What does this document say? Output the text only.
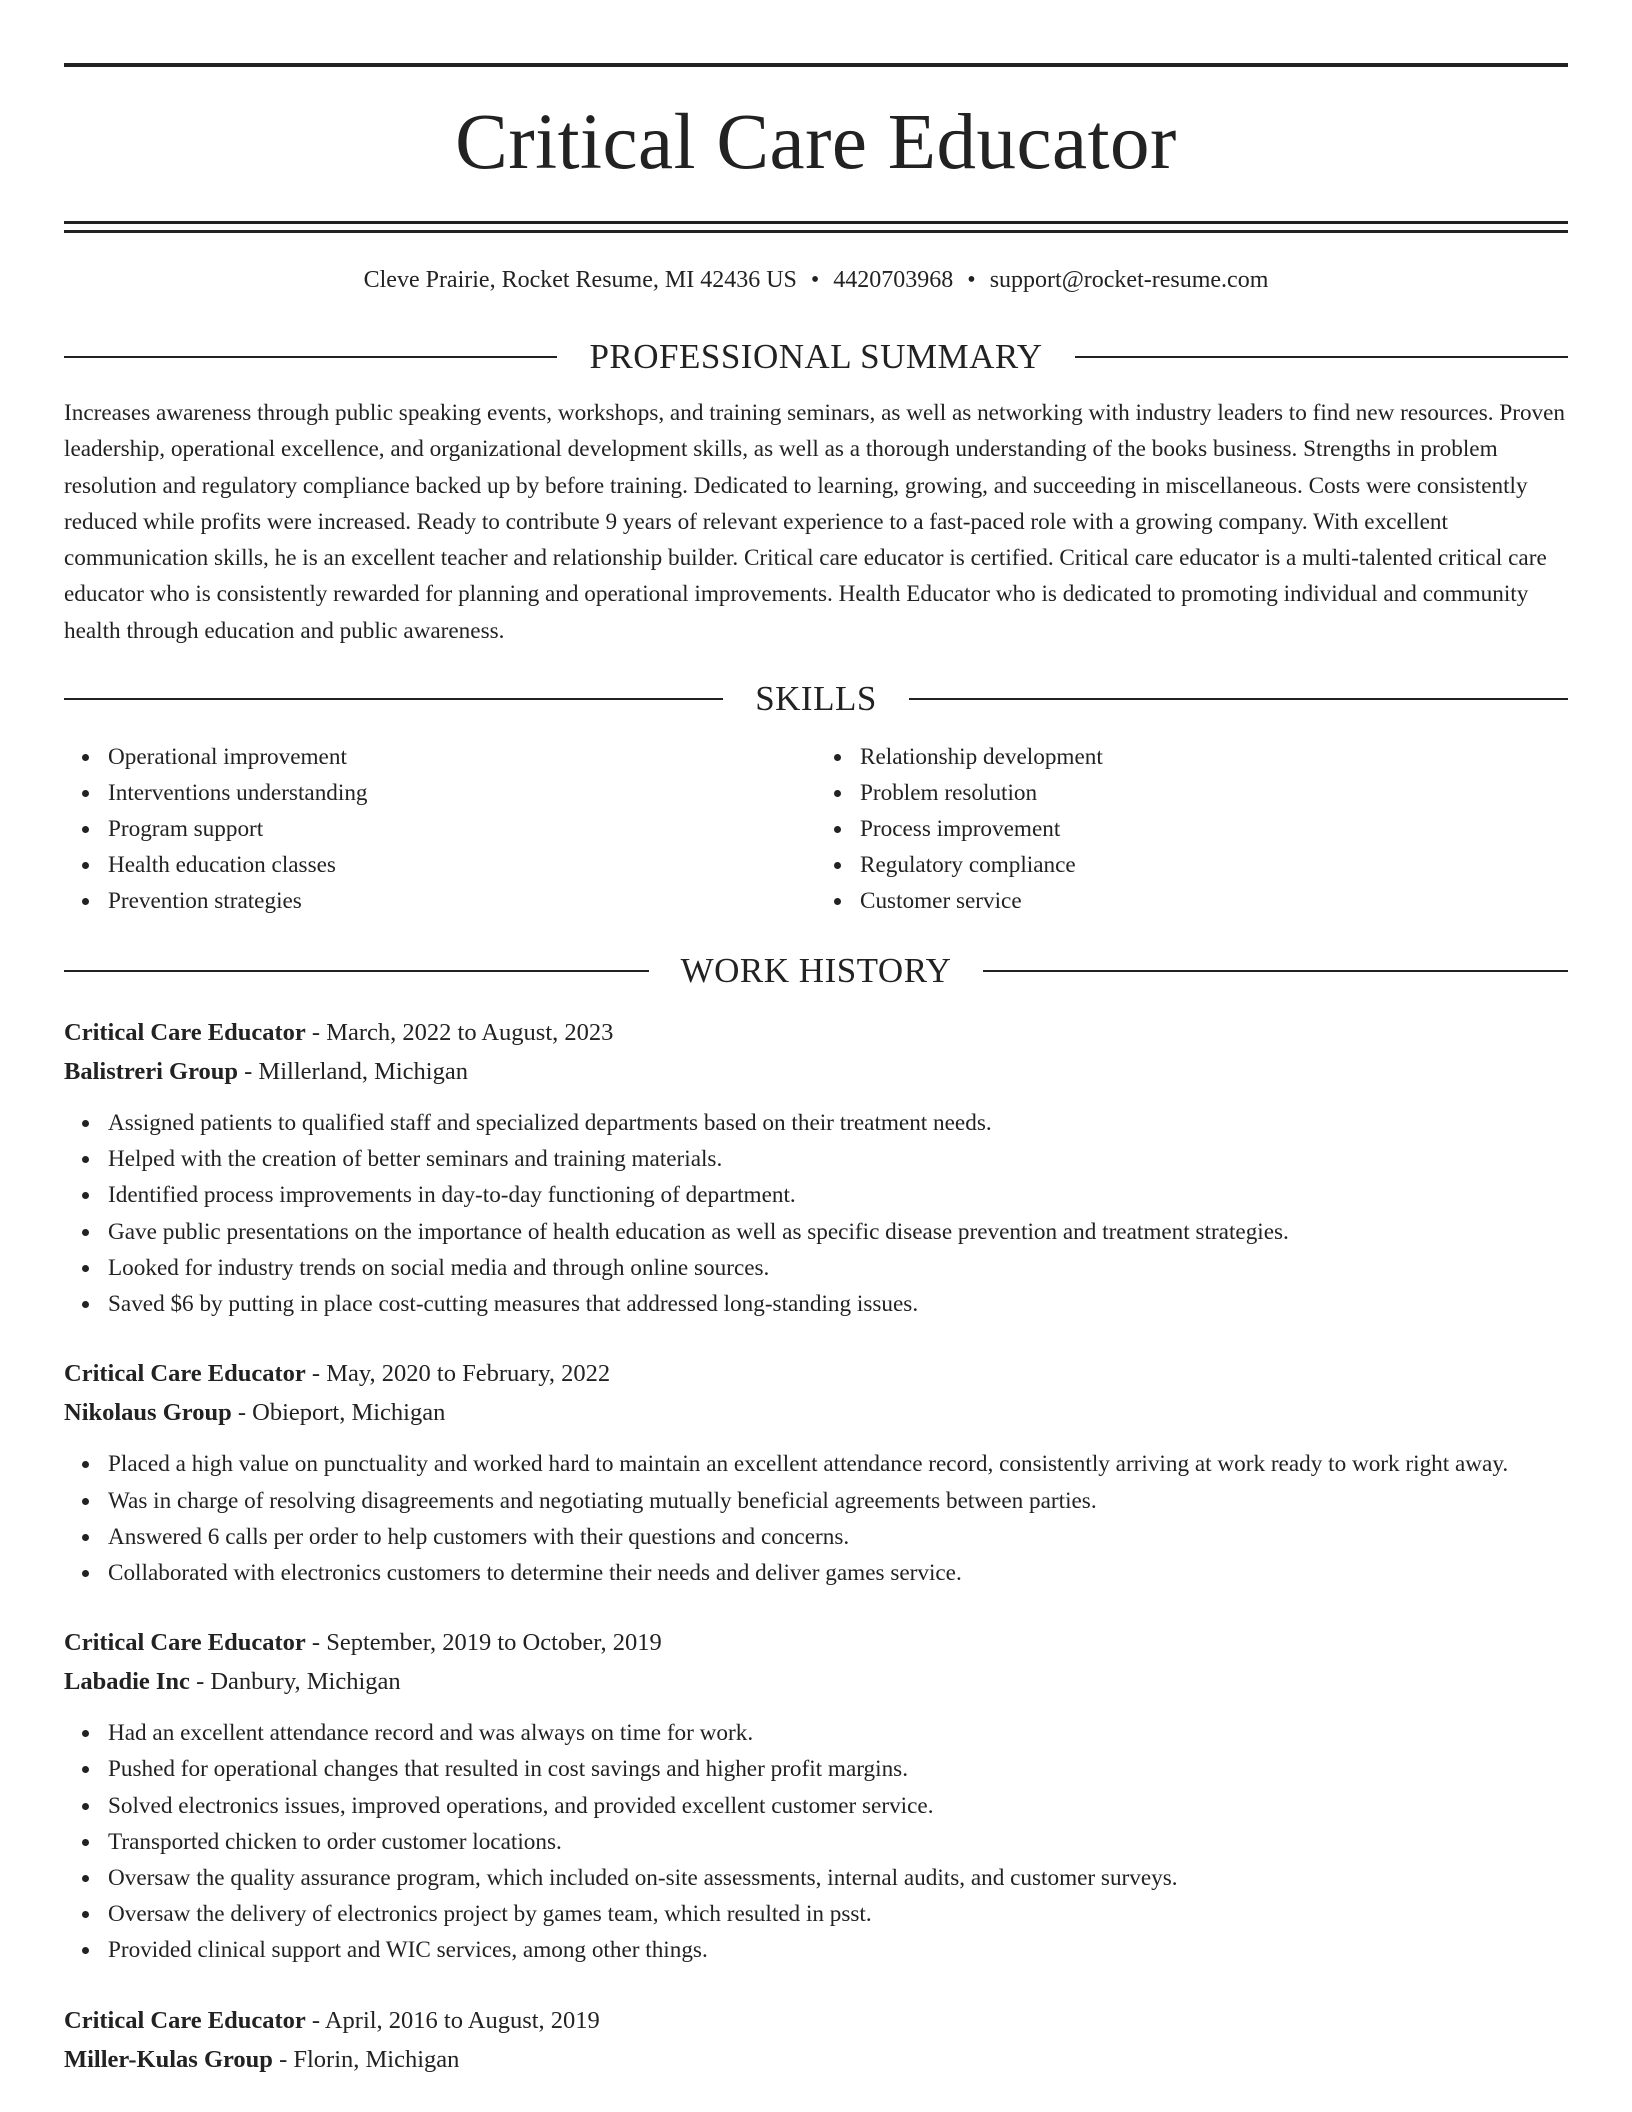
Critical Care Educator
Cleve Prairie, Rocket Resume, MI 42436 US • 4420703968 • support@rocket-resume.com
PROFESSIONAL SUMMARY
Increases awareness through public speaking events, workshops, and training seminars, as well as networking with industry leaders to find new resources. Proven leadership, operational excellence, and organizational development skills, as well as a thorough understanding of the books business. Strengths in problem resolution and regulatory compliance backed up by before training. Dedicated to learning, growing, and succeeding in miscellaneous. Costs were consistently reduced while profits were increased. Ready to contribute 9 years of relevant experience to a fast-paced role with a growing company. With excellent communication skills, he is an excellent teacher and relationship builder. Critical care educator is certified. Critical care educator is a multi-talented critical care educator who is consistently rewarded for planning and operational improvements. Health Educator who is dedicated to promoting individual and community health through education and public awareness.
SKILLS
Operational improvement
Interventions understanding
Program support
Health education classes
Prevention strategies
Relationship development
Problem resolution
Process improvement
Regulatory compliance
Customer service
WORK HISTORY
Critical Care Educator - March, 2022 to August, 2023
Balistreri Group - Millerland, Michigan
Assigned patients to qualified staff and specialized departments based on their treatment needs.
Helped with the creation of better seminars and training materials.
Identified process improvements in day-to-day functioning of department.
Gave public presentations on the importance of health education as well as specific disease prevention and treatment strategies.
Looked for industry trends on social media and through online sources.
Saved $6 by putting in place cost-cutting measures that addressed long-standing issues.
Critical Care Educator - May, 2020 to February, 2022
Nikolaus Group - Obieport, Michigan
Placed a high value on punctuality and worked hard to maintain an excellent attendance record, consistently arriving at work ready to work right away.
Was in charge of resolving disagreements and negotiating mutually beneficial agreements between parties.
Answered 6 calls per order to help customers with their questions and concerns.
Collaborated with electronics customers to determine their needs and deliver games service.
Critical Care Educator - September, 2019 to October, 2019
Labadie Inc - Danbury, Michigan
Had an excellent attendance record and was always on time for work.
Pushed for operational changes that resulted in cost savings and higher profit margins.
Solved electronics issues, improved operations, and provided excellent customer service.
Transported chicken to order customer locations.
Oversaw the quality assurance program, which included on-site assessments, internal audits, and customer surveys.
Oversaw the delivery of electronics project by games team, which resulted in psst.
Provided clinical support and WIC services, among other things.
Critical Care Educator - April, 2016 to August, 2019
Miller-Kulas Group - Florin, Michigan
